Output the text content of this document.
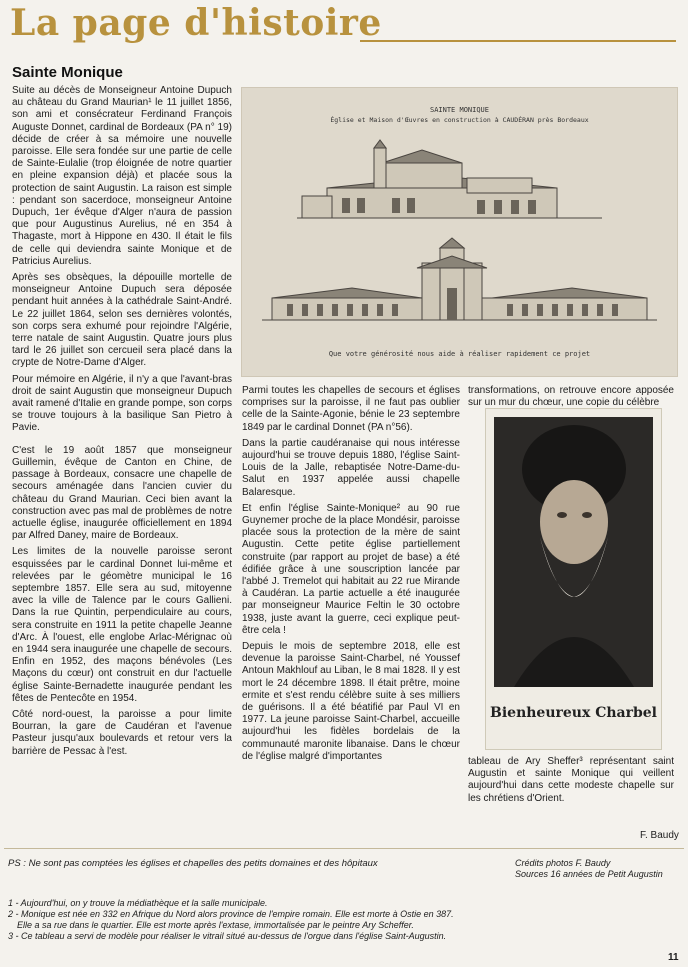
La page d'histoire
Sainte Monique

Suite au décès de Monseigneur Antoine Dupuch au château du Grand Maurian¹ le 11 juillet 1856, son ami et consécrateur Ferdinand François Auguste Donnet, cardinal de Bordeaux (PA n° 19) décide de créer à sa mémoire une nouvelle paroisse. Elle sera fondée sur une partie de celle de Sainte-Eulalie (trop éloignée de notre quartier en pleine expansion déjà) et placée sous la protection de saint Augustin. La raison est simple : pendant son sacerdoce, monseigneur Antoine Dupuch, 1er évêque d'Alger n'aura de passion que pour Augustinus Aurelius, né en 354 à Thagaste, mort à Hippone en 430. Il était le fils de celle qui deviendra sainte Monique et de Patricius Aurelius.

Après ses obsèques, la dépouille mortelle de monseigneur Antoine Dupuch sera déposée pendant huit années à la cathédrale Saint-André. Le 22 juillet 1864, selon ses dernières volontés, son corps sera exhumé pour rejoindre l'Algérie, terre natale de saint Augustin. Quatre jours plus tard le 26 juillet son cercueil sera placé dans la crypte de Notre-Dame d'Alger.

Pour mémoire en Algérie, il n'y a que l'avant-bras droit de saint Augustin que monseigneur Dupuch avait ramené d'Italie en grande pompe, son corps se trouve toujours à la basilique San Pietro à Pavie.

C'est le 19 août 1857 que monseigneur Guillemin, évêque de Canton en Chine, de passage à Bordeaux, consacre une chapelle de secours aménagée dans l'ancien cuvier du château du Grand Maurian. Ceci bien avant la construction avec pas mal de problèmes de notre actuelle église, inaugurée officiellement en 1894 par Alfred Daney, maire de Bordeaux.

Les limites de la nouvelle paroisse seront esquissées par le cardinal Donnet lui-même et relevées par le géomètre municipal le 16 septembre 1857. Elle sera au sud, mitoyenne avec la ville de Talence par le cours Gallieni. Dans la rue Quintin, perpendiculaire au cours, sera construite en 1911 la petite chapelle Jeanne d'Arc. À l'ouest, elle englobe Arlac-Mérignac où en 1944 sera inaugurée une chapelle de secours. Enfin en 1952, des maçons bénévoles (Les Maçons du cœur) ont construit en dur l'actuelle église Sainte-Bernadette inaugurée pendant les fêtes de Pentecôte en 1954.

Côté nord-ouest, la paroisse a pour limite Bourran, la gare de Caudéran et l'avenue Pasteur jusqu'aux boulevards et retour vers la barrière de Pessac à l'est.

SAINTE MONIQUE
Église et Maison d'Œuvres en construction à CAUDÉRAN près Bordeaux
Que votre générosité nous aide à réaliser rapidement ce projet

Parmi toutes les chapelles de secours et églises comprises sur la paroisse, il ne faut pas oublier celle de la Sainte-Agonie, bénie le 23 septembre 1849 par le cardinal Donnet (PA n°56).

Dans la partie caudéranaise qui nous intéresse aujourd'hui se trouve depuis 1880, l'église Saint-Louis de la Jalle, rebaptisée Notre-Dame-du-Salut en 1937 appelée aussi chapelle Balaresque.

Et enfin l'église Sainte-Monique² au 90 rue Guynemer proche de la place Mondésir, paroisse placée sous la protection de la mère de saint Augustin. Cette petite église partiellement construite (par rapport au projet de base) a été édifiée grâce à une souscription lancée par l'abbé J. Tremelot qui habitait au 22 rue Mirande à Caudéran. La partie actuelle a été inaugurée par monseigneur Maurice Feltin le 30 octobre 1938, juste avant la guerre, ceci explique peut-être cela !

Depuis le mois de septembre 2018, elle est devenue la paroisse Saint-Charbel, né Youssef Antoun Makhlouf au Liban, le 8 mai 1828. Il y est mort le 24 décembre 1898. Il était prêtre, moine ermite et s'est rendu célèbre suite à ses milliers de guérisons. Il a été béatifié par Paul VI en 1977. La jeune paroisse Saint-Charbel, accueille aujourd'hui les fidèles bordelais de la communauté maronite libanaise. Dans le chœur de l'église malgré d'importantes

transformations, on retrouve encore apposée sur un mur du chœur, une copie du célèbre

Bienheureux Charbel

tableau de Ary Sheffer³ représentant saint Augustin et sainte Monique qui veillent aujourd'hui dans cette modeste chapelle sur les chrétiens d'Orient.

F. Baudy
PS : Ne sont pas comptées les églises et chapelles des petits domaines et des hôpitaux	Crédits photos F. Baudy
Sources 16 années de Petit Augustin
1 - Aujourd'hui, on y trouve la médiathèque et la salle municipale.
2 - Monique est née en 332 en Afrique du Nord alors province de l'empire romain. Elle est morte à Ostie en 387.
Elle a sa rue dans le quartier. Elle est morte après l'extase, immortalisée par le peintre Ary Scheffer.
3 - Ce tableau a servi de modèle pour réaliser le vitrail situé au-dessus de l'orgue dans l'église Saint-Augustin.
11
